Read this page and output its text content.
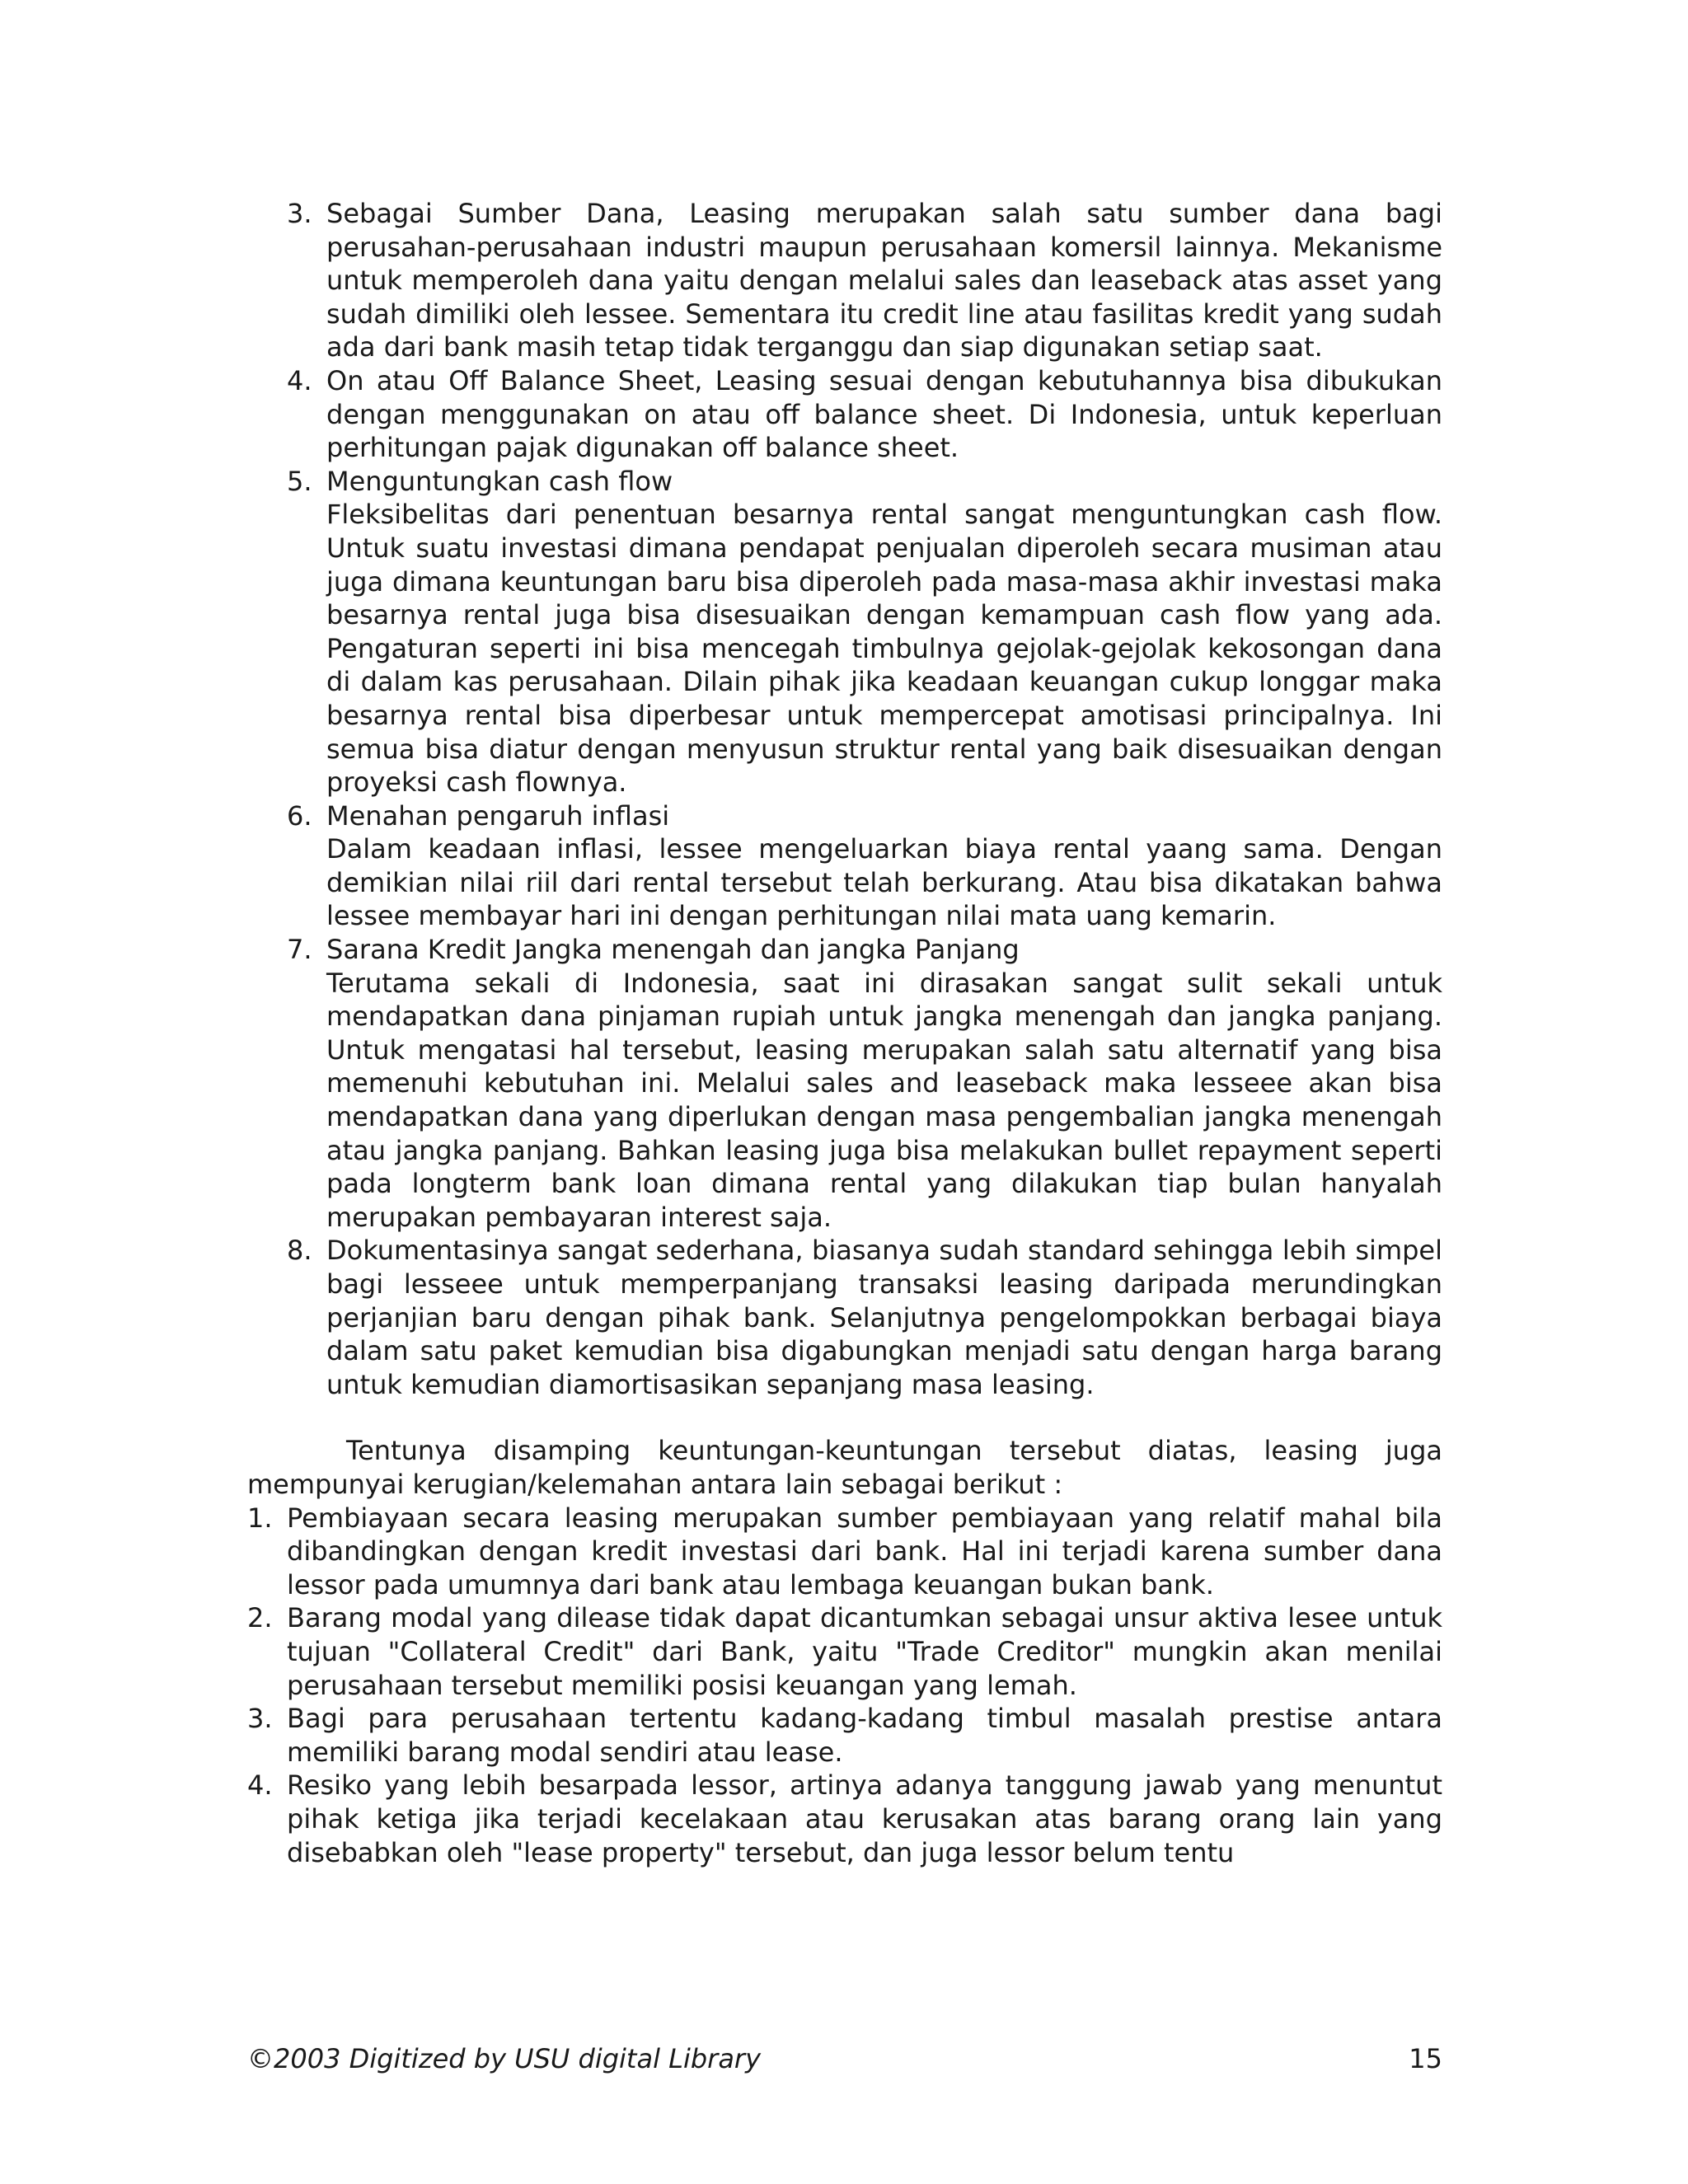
3. Sebagai Sumber Dana, Leasing merupakan salah satu sumber dana bagi perusahan-perusahaan industri maupun perusahaan komersil lainnya. Mekanisme untuk memperoleh dana yaitu dengan melalui sales dan leaseback atas asset yang sudah dimiliki oleh lessee. Sementara itu credit line atau fasilitas kredit yang sudah ada dari bank masih tetap tidak terganggu dan siap digunakan setiap saat.
4. On atau Off Balance Sheet, Leasing sesuai dengan kebutuhannya bisa dibukukan dengan menggunakan on atau off balance sheet. Di Indonesia, untuk keperluan perhitungan pajak digunakan off balance sheet.
5. Menguntungkan cash flow
Fleksibelitas dari penentuan besarnya rental sangat menguntungkan cash flow. Untuk suatu investasi dimana pendapat penjualan diperoleh secara musiman atau juga dimana keuntungan baru bisa diperoleh pada masa-masa akhir investasi maka besarnya rental juga bisa disesuaikan dengan kemampuan cash flow yang ada. Pengaturan seperti ini bisa mencegah timbulnya gejolak-gejolak kekosongan dana di dalam kas perusahaan. Dilain pihak jika keadaan keuangan cukup longgar maka besarnya rental bisa diperbesar untuk mempercepat amotisasi principalnya. Ini semua bisa diatur dengan menyusun struktur rental yang baik disesuaikan dengan proyeksi cash flownya.
6. Menahan pengaruh inflasi
Dalam keadaan inflasi, lessee mengeluarkan biaya rental yaang sama. Dengan demikian nilai riil dari rental tersebut telah berkurang. Atau bisa dikatakan bahwa lessee membayar hari ini dengan perhitungan nilai mata uang kemarin.
7. Sarana Kredit Jangka menengah dan jangka Panjang
Terutama sekali di Indonesia, saat ini dirasakan sangat sulit sekali untuk mendapatkan dana pinjaman rupiah untuk jangka menengah dan jangka panjang. Untuk mengatasi hal tersebut, leasing merupakan salah satu alternatif yang bisa memenuhi kebutuhan ini. Melalui sales and leaseback maka lesseee akan bisa mendapatkan dana yang diperlukan dengan masa pengembalian jangka menengah atau jangka panjang. Bahkan leasing juga bisa melakukan bullet repayment seperti pada longterm bank loan dimana rental yang dilakukan tiap bulan hanyalah merupakan pembayaran interest saja.
8. Dokumentasinya sangat sederhana, biasanya sudah standard sehingga lebih simpel bagi lesseee untuk memperpanjang transaksi leasing daripada merundingkan perjanjian baru dengan pihak bank. Selanjutnya pengelompokkan berbagai biaya dalam satu paket kemudian bisa digabungkan menjadi satu dengan harga barang untuk kemudian diamortisasikan sepanjang masa leasing.
Tentunya disamping keuntungan-keuntungan tersebut diatas, leasing juga mempunyai kerugian/kelemahan antara lain sebagai berikut :
1. Pembiayaan secara leasing merupakan sumber pembiayaan yang relatif mahal bila dibandingkan dengan kredit investasi dari bank. Hal ini terjadi karena sumber dana lessor pada umumnya dari bank atau lembaga keuangan bukan bank.
2. Barang modal yang dilease tidak dapat dicantumkan sebagai unsur aktiva lesee untuk tujuan "Collateral Credit" dari Bank, yaitu "Trade Creditor" mungkin akan menilai perusahaan tersebut memiliki posisi keuangan yang lemah.
3. Bagi para perusahaan tertentu kadang-kadang timbul masalah prestise antara memiliki barang modal sendiri atau lease.
4. Resiko yang lebih besarpada lessor, artinya adanya tanggung jawab yang menuntut pihak ketiga jika terjadi kecelakaan atau kerusakan atas barang orang lain yang disebabkan oleh "lease property" tersebut, dan juga lessor belum tentu
©2003 Digitized by USU digital Library	15
